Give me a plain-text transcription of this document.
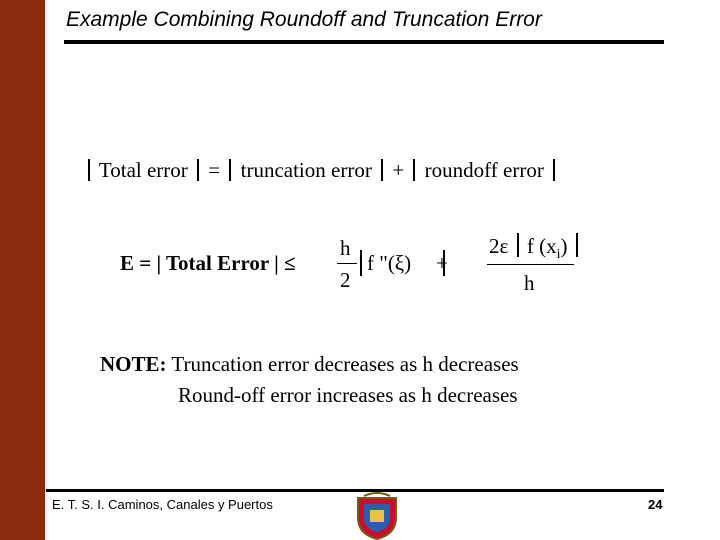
Example Combining Roundoff and Truncation Error
Total error = truncation error + roundoff error
E = | Total Error | ≤
h
2
f "(ξ) +
2ε f $(x_i)$
h
NOTE: Truncation error decreases as h decreases
Round-off error increases as h decreases
E. T. S. I. Caminos, Canales y Puertos	24
